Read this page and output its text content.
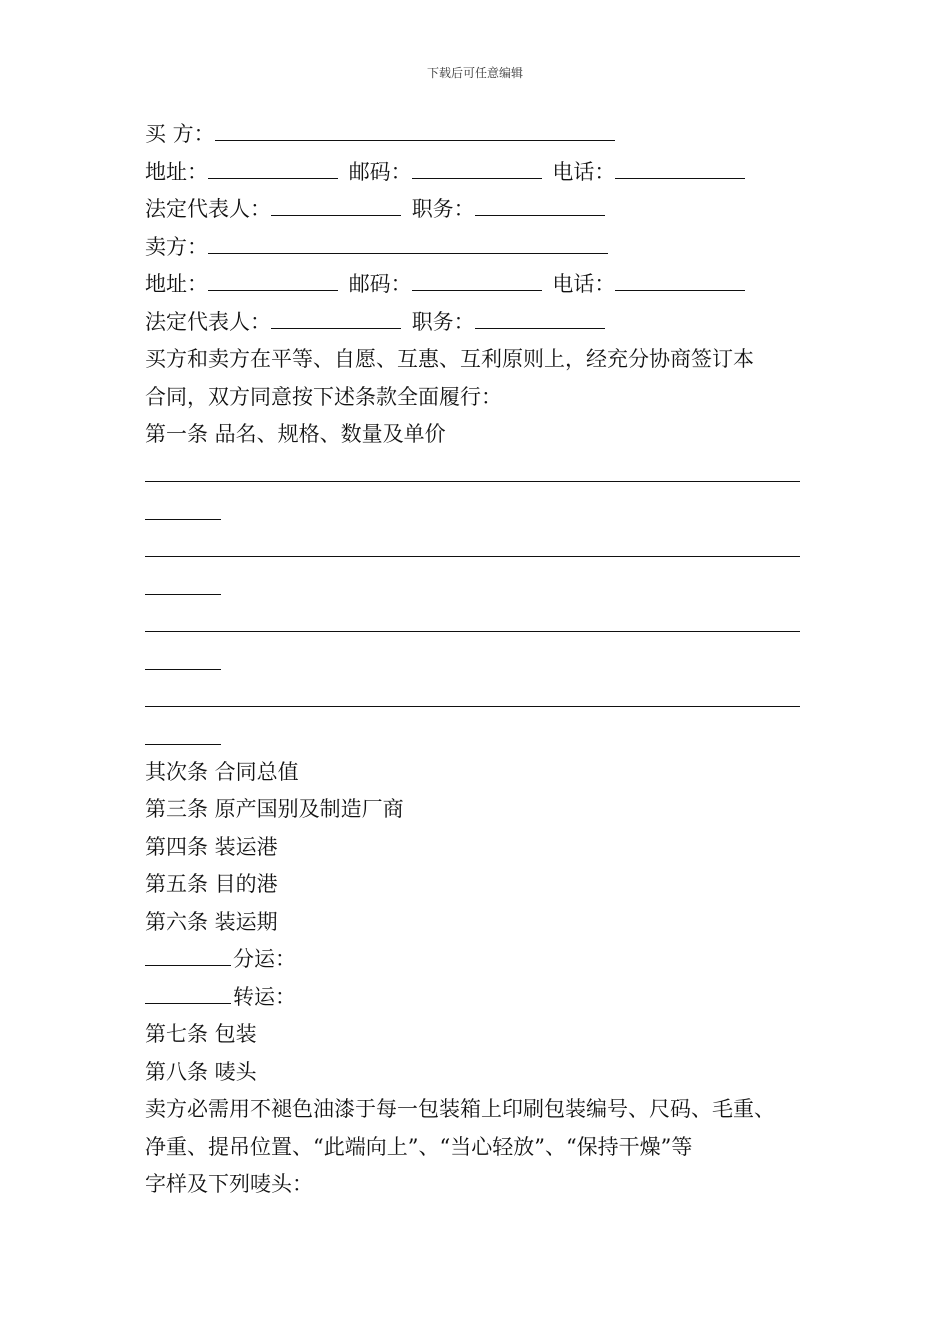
下载后可任意编辑
买 方：
地址：	邮码：	电话：
法定代表人：	职务：
卖方：
地址：	邮码：	电话：
法定代表人：	职务：
买方和卖方在平等、自愿、互惠、互利原则上，经充分协商签订本
合同，双方同意按下述条款全面履行：
第一条 品名、规格、数量及单价
其次条 合同总值
第三条 原产国别及制造厂商
第四条 装运港
第五条 目的港
第六条 装运期
分运：
转运：
第七条 包装
第八条 唛头
卖方必需用不褪色油漆于每一包装箱上印刷包装编号、尺码、毛重、
净重、提吊位置、“此端向上”、“当心轻放”、“保持干燥”等
字样及下列唛头：
